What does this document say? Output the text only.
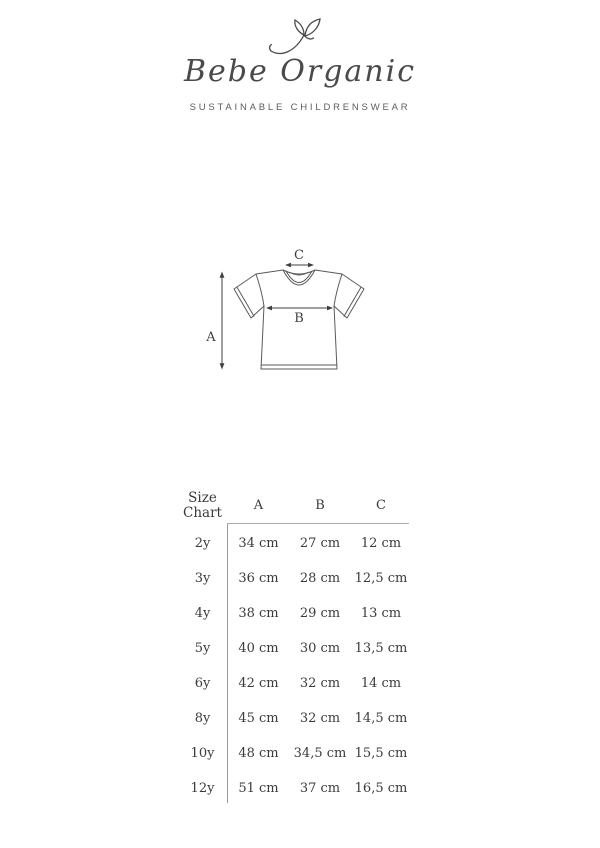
Bebe Organic
SUSTAINABLE CHILDRENSWEAR
A
B
C
Size Chart	A	B	C
2y	34 cm	27 cm	12 cm
3y	36 cm	28 cm	12,5 cm
4y	38 cm	29 cm	13 cm
5y	40 cm	30 cm	13,5 cm
6y	42 cm	32 cm	14 cm
8y	45 cm	32 cm	14,5 cm
10y	48 cm	34,5 cm 15,5 cm
12y	51 cm	37 cm	16,5 cm
